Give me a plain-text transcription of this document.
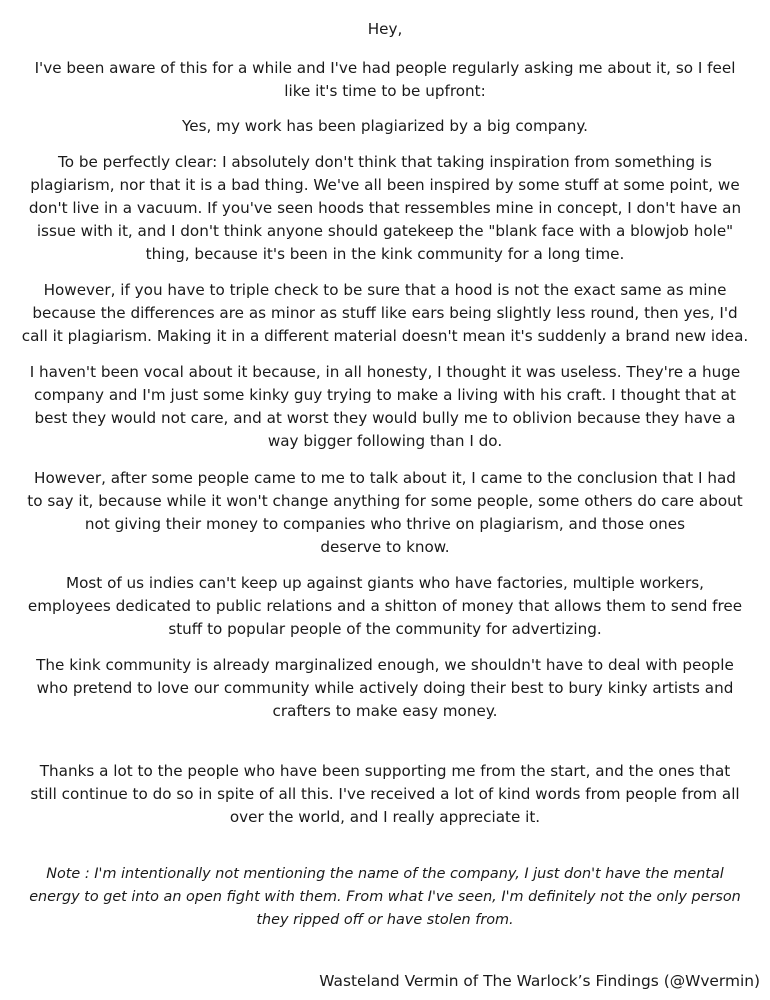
Hey,
I've been aware of this for a while and I've had people regularly asking me about it, so I feel
like it's time to be upfront:
Yes, my work has been plagiarized by a big company.
To be perfectly clear: I absolutely don't think that taking inspiration from something is
plagiarism, nor that it is a bad thing. We've all been inspired by some stuff at some point, we
don't live in a vacuum. If you've seen hoods that ressembles mine in concept, I don't have an
issue with it, and I don't think anyone should gatekeep the "blank face with a blowjob hole"
thing, because it's been in the kink community for a long time.
However, if you have to triple check to be sure that a hood is not the exact same as mine
because the differences are as minor as stuff like ears being slightly less round, then yes, I'd
call it plagiarism. Making it in a different material doesn't mean it's suddenly a brand new idea.
I haven't been vocal about it because, in all honesty, I thought it was useless. They're a huge
company and I'm just some kinky guy trying to make a living with his craft. I thought that at
best they would not care, and at worst they would bully me to oblivion because they have a
way bigger following than I do.
However, after some people came to me to talk about it, I came to the conclusion that I had
to say it, because while it won't change anything for some people, some others do care about
not giving their money to companies who thrive on plagiarism, and those ones
deserve to know.
Most of us indies can't keep up against giants who have factories, multiple workers,
employees dedicated to public relations and a shitton of money that allows them to send free
stuff to popular people of the community for advertizing.
The kink community is already marginalized enough, we shouldn't have to deal with people
who pretend to love our community while actively doing their best to bury kinky artists and
crafters to make easy money.
Thanks a lot to the people who have been supporting me from the start, and the ones that
still continue to do so in spite of all this. I've received a lot of kind words from people from all
over the world, and I really appreciate it.
Note : I'm intentionally not mentioning the name of the company, I just don't have the mental
energy to get into an open fight with them. From what I've seen, I'm definitely not the only person
they ripped off or have stolen from.
Wasteland Vermin of The Warlock’s Findings (@Wvermin)
